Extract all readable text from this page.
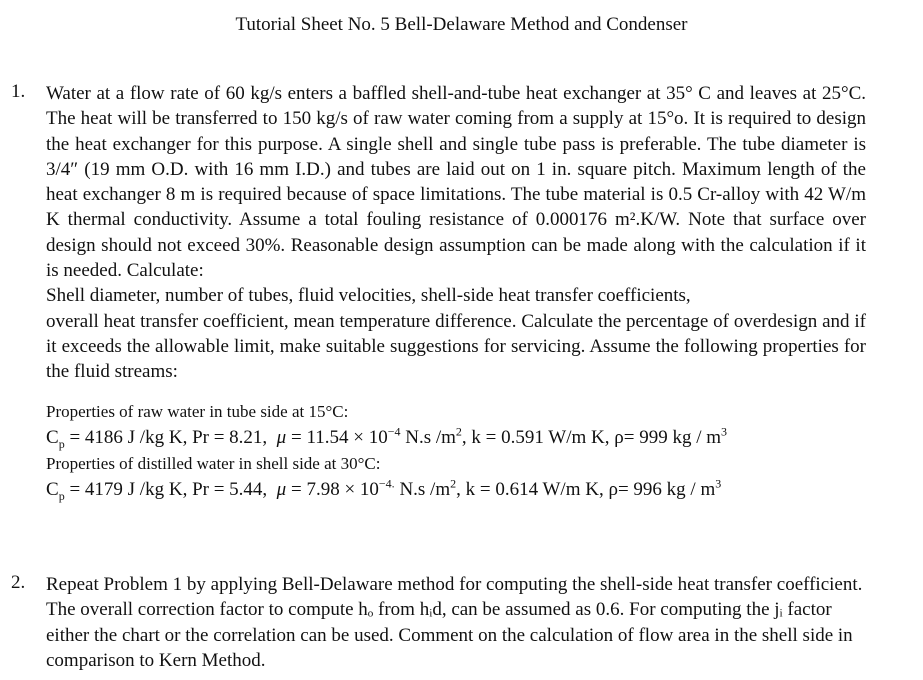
Tutorial Sheet No. 5 Bell-Delaware Method and Condenser
1.	Water at a flow rate of 60 kg/s enters a baffled shell-and-tube heat exchanger at 35° C and leaves at 25°C. The heat will be transferred to 150 kg/s of raw water coming from a supply at 15°o. It is required to design the heat exchanger for this purpose. A single shell and single tube pass is preferable. The tube diameter is 3/4″ (19 mm O.D. with 16 mm I.D.) and tubes are laid out on 1 in. square pitch. Maximum length of the heat exchanger 8 m is required because of space limitations. The tube material is 0.5 Cr-alloy with 42 W/m K thermal conductivity. Assume a total fouling resistance of 0.000176 m².K/W. Note that surface over design should not exceed 30%. Reasonable design assumption can be made along with the calculation if it is needed. Calculate:
Shell diameter, number of tubes, fluid velocities, shell-side heat transfer coefficients,
overall heat transfer coefficient, mean temperature difference. Calculate the percentage of overdesign and if it exceeds the allowable limit, make suitable suggestions for servicing. Assume the following properties for the fluid streams:
Properties of raw water in tube side at 15°C:
$C_p = 4186$ J /kg K, Pr = 8.21,  $\mu = 11.54 \times 10^{-4}$ N.s $/m^2$, k = 0.591 W/m K, ρ= 999 kg / $m^3$
Properties of distilled water in shell side at 30°C:
$C_p = 4179$ J /kg K, Pr = 5.44,  $\mu = 7.98 \times 10^{-4.}$ N.s $/m^2$, k = 0.614 W/m K, ρ= 996 kg / $m^3$
2.	Repeat Problem 1 by applying Bell-Delaware method for computing the shell-side heat transfer coefficient. The overall correction factor to compute hₒ from hᵢd, can be assumed as 0.6. For computing the jᵢ factor either the chart or the correlation can be used. Comment on the calculation of flow area in the shell side in comparison to Kern Method.
